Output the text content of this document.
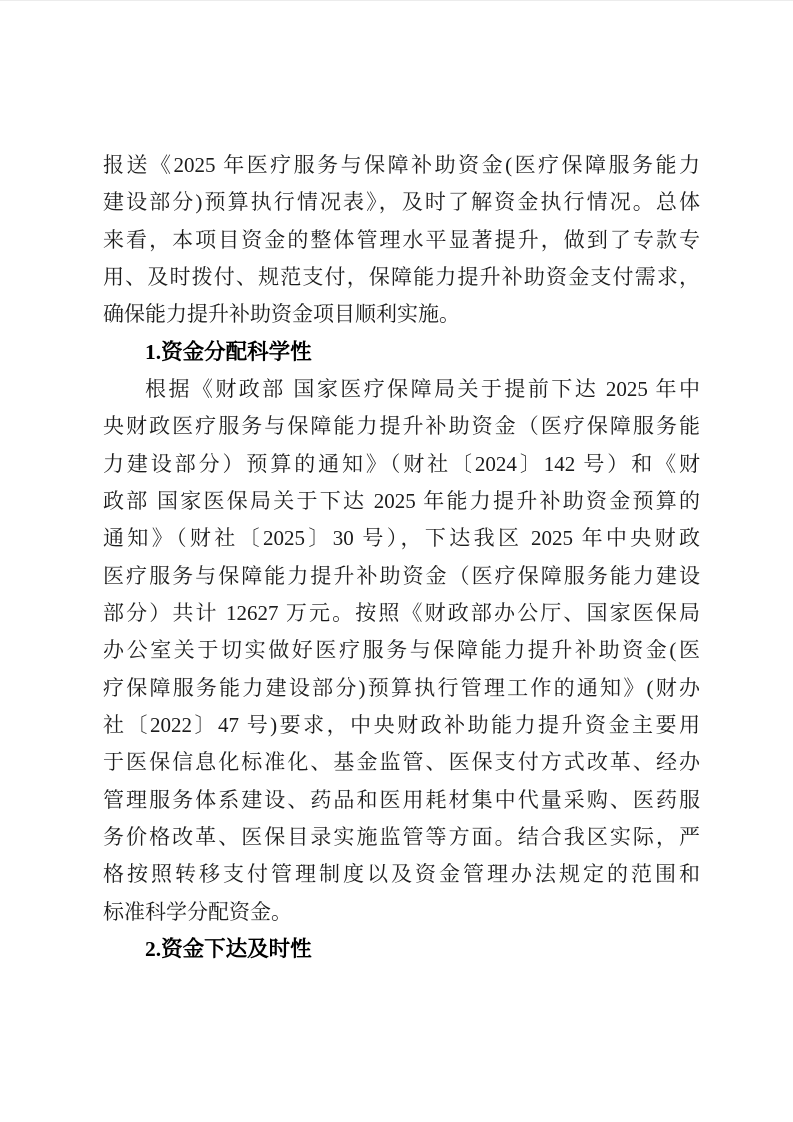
报送《2025 年医疗服务与保障补助资金(医疗保障服务能力
建设部分)预算执行情况表》，及时了解资金执行情况。总体
来看，本项目资金的整体管理水平显著提升，做到了专款专
用、及时拨付、规范支付，保障能力提升补助资金支付需求，
确保能力提升补助资金项目顺利实施。
1.资金分配科学性
根据《财政部 国家医疗保障局关于提前下达 2025 年中
央财政医疗服务与保障能力提升补助资金（医疗保障服务能
力建设部分）预算的通知》（财社〔2024〕142 号）和《财
政部 国家医保局关于下达 2025 年能力提升补助资金预算的
通知》（财社〔2025〕30 号），下达我区 2025 年中央财政
医疗服务与保障能力提升补助资金（医疗保障服务能力建设
部分）共计 12627 万元。按照《财政部办公厅、国家医保局
办公室关于切实做好医疗服务与保障能力提升补助资金(医
疗保障服务能力建设部分)预算执行管理工作的通知》(财办
社〔2022〕47 号)要求，中央财政补助能力提升资金主要用
于医保信息化标准化、基金监管、医保支付方式改革、经办
管理服务体系建设、药品和医用耗材集中代量采购、医药服
务价格改革、医保目录实施监管等方面。结合我区实际，严
格按照转移支付管理制度以及资金管理办法规定的范围和
标准科学分配资金。
2.资金下达及时性
